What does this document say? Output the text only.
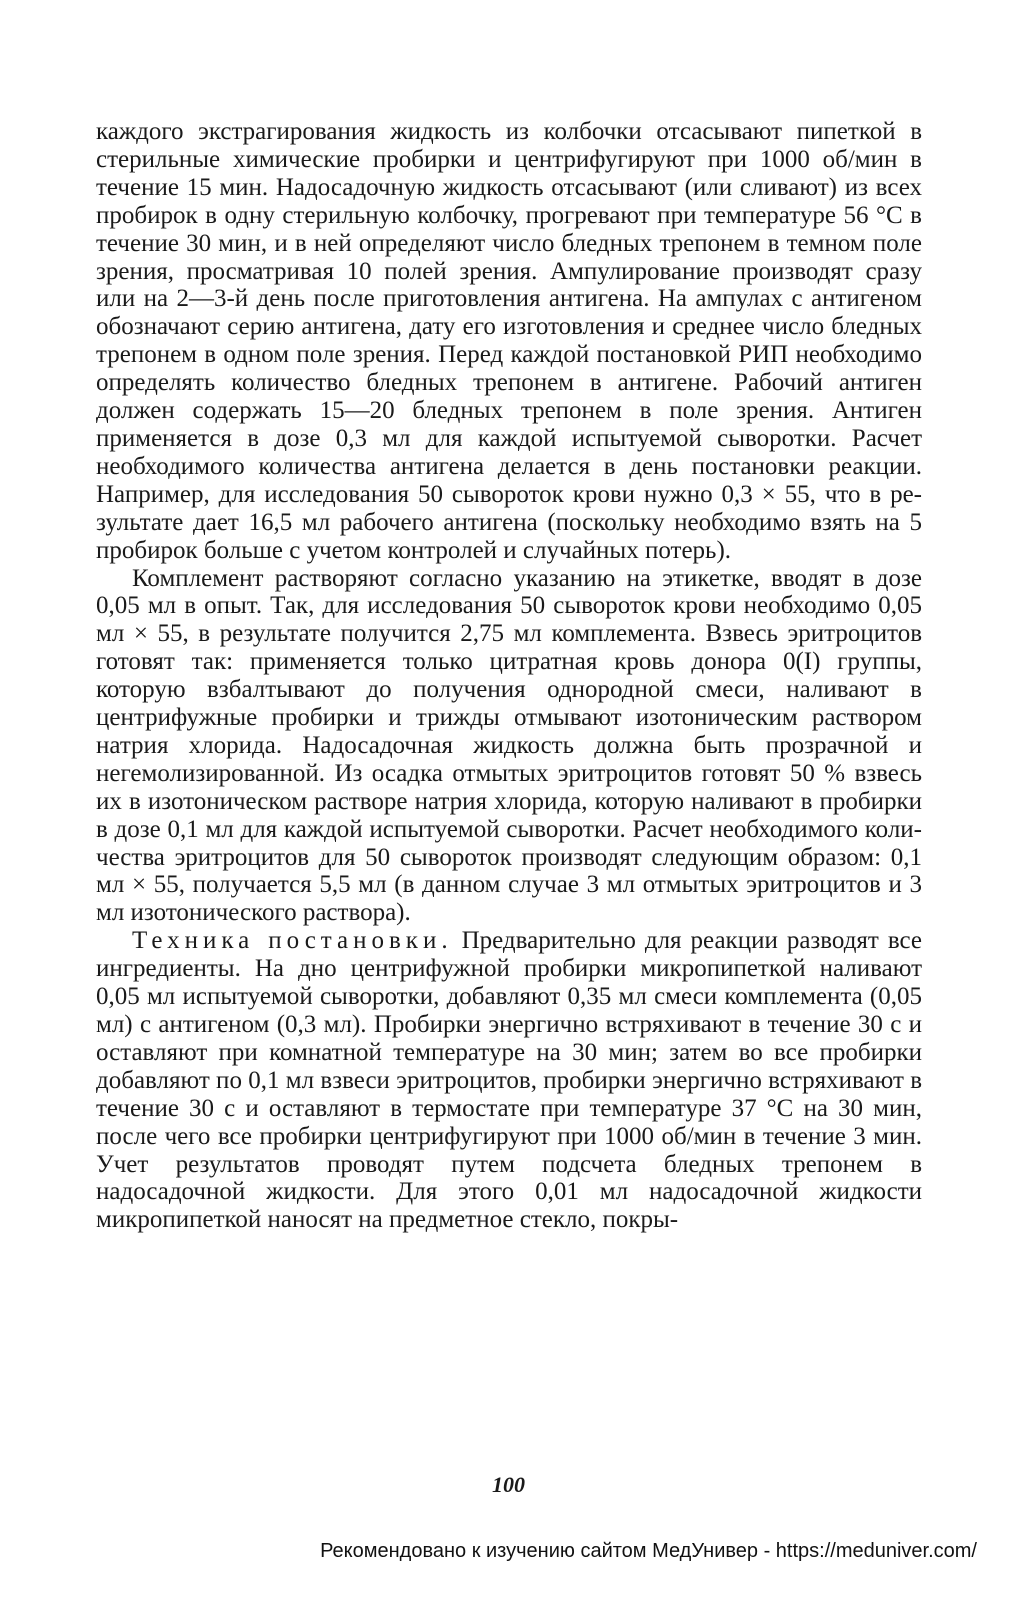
каждого экстрагирования жидкость из колбочки отсасывают пипеткой в стерильные химические пробирки и центрифугируют при 1000 об/мин в течение 15 мин. Надосадочную жидкость отсасывают (или сливают) из всех пробирок в одну стерильную колбочку, прогревают при температуре 56 °С в течение 30 мин, и в ней определяют число бледных трепонем в темном поле зрения, просматривая 10 полей зрения. Ампулирование производят сразу или на 2—3-й день после приготовления антигена. На ампулах с антигеном обозначают серию антигена, дату его изготовления и среднее число бледных трепонем в одном поле зрения. Перед каждой постановкой РИП необходимо определять количество бледных трепонем в антигене. Рабочий антиген должен содержать 15—20 бледных трепонем в поле зрения. Антиген применяется в дозе 0,3 мл для каждой испытуемой сыворотки. Расчет необходимого количества антигена делается в день постановки реакции. Например, для исследования 50 сывороток крови нужно 0,3 × 55, что в результате дает 16,5 мл рабочего антигена (поскольку необходимо взять на 5 пробирок больше с учетом контролей и случайных потерь).

Комплемент растворяют согласно указанию на этикетке, вводят в дозе 0,05 мл в опыт. Так, для исследования 50 сывороток крови необходимо 0,05 мл × 55, в результате получится 2,75 мл комплемента. Взвесь эритроцитов готовят так: применяется только цитратная кровь донора 0(I) группы, которую взбалтывают до получения однородной смеси, наливают в центрифужные пробирки и трижды отмывают изотоническим раствором натрия хлорида. Надосадочная жидкость должна быть прозрачной и негемолизированной. Из осадка отмытых эритроцитов готовят 50 % взвесь их в изотоническом растворе натрия хлорида, которую наливают в пробирки в дозе 0,1 мл для каждой испытуемой сыворотки. Расчет необходимого количества эритроцитов для 50 сывороток производят следующим образом: 0,1 мл × 55, получается 5,5 мл (в данном случае 3 мл отмытых эритроцитов и 3 мл изотонического раствора).

Техника постановки. Предварительно для реакции разводят все ингредиенты. На дно центрифужной пробирки микропипеткой наливают 0,05 мл испытуемой сыворотки, добавляют 0,35 мл смеси комплемента (0,05 мл) с антигеном (0,3 мл). Пробирки энергично встряхивают в течение 30 с и оставляют при комнатной температуре на 30 мин; затем во все пробирки добавляют по 0,1 мл взвеси эритроцитов, пробирки энергично встряхивают в течение 30 с и оставляют в термостате при температуре 37 °С на 30 мин, после чего все пробирки центрифугируют при 1000 об/мин в течение 3 мин. Учет результатов проводят путем подсчета бледных трепонем в надосадочной жидкости. Для этого 0,01 мл надосадочной жидкости микропипеткой наносят на предметное стекло, покры-

100
Рекомендовано к изучению сайтом МедУнивер - https://meduniver.com/
